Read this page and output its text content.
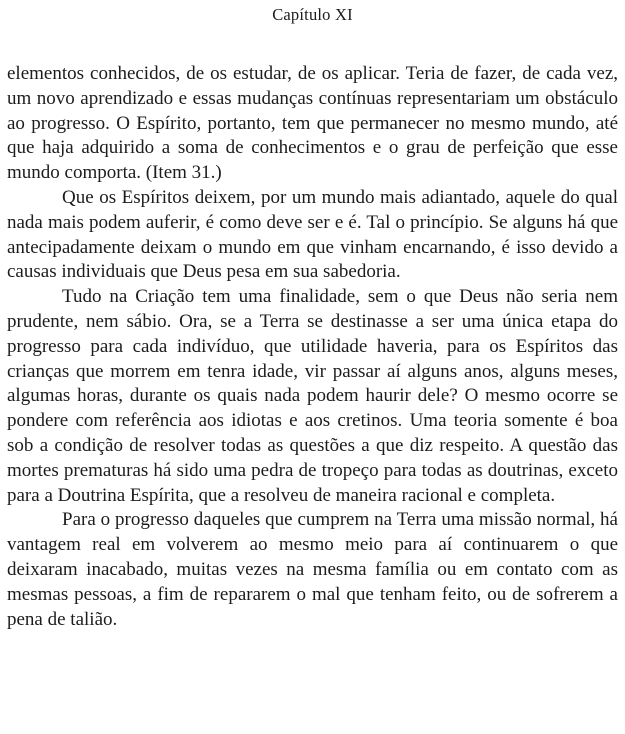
Capítulo XI

elementos conhecidos, de os estudar, de os aplicar. Teria de fazer, de cada vez, um novo aprendizado e essas mudanças contínuas representariam um obstáculo ao progresso. O Espírito, portanto, tem que permanecer no mesmo mundo, até que haja adquirido a soma de conhecimentos e o grau de perfeição que esse mundo comporta. (Item 31.)

Que os Espíritos deixem, por um mundo mais adiantado, aquele do qual nada mais podem auferir, é como deve ser e é. Tal o princípio. Se alguns há que antecipadamente deixam o mundo em que vinham encarnando, é isso devido a causas individuais que Deus pesa em sua sabedoria.

Tudo na Criação tem uma finalidade, sem o que Deus não seria nem prudente, nem sábio. Ora, se a Terra se destinasse a ser uma única etapa do progresso para cada indivíduo, que utilidade haveria, para os Espíritos das crianças que morrem em tenra idade, vir passar aí alguns anos, alguns meses, algumas horas, durante os quais nada podem haurir dele? O mesmo ocorre se pondere com referência aos idiotas e aos cretinos. Uma teoria somente é boa sob a condição de resolver todas as questões a que diz respeito. A questão das mortes prematuras há sido uma pedra de tropeço para todas as doutrinas, exceto para a Doutrina Espírita, que a resolveu de maneira racional e completa.

Para o progresso daqueles que cumprem na Terra uma missão normal, há vantagem real em volverem ao mesmo meio para aí continuarem o que deixaram inacabado, muitas vezes na mesma família ou em contato com as mesmas pessoas, a fim de repararem o mal que tenham feito, ou de sofrerem a pena de talião.
